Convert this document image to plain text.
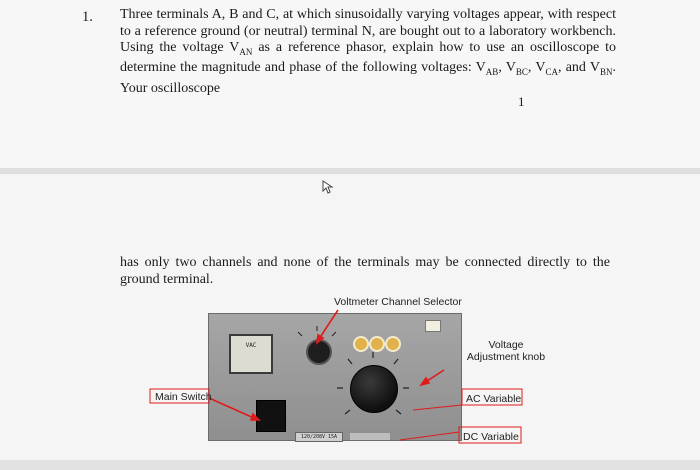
1. Three terminals A, B and C, at which sinusoidally varying voltages appear, with respect to a reference ground (or neutral) terminal N, are bought out to a laboratory workbench. Using the voltage $V_{AN}$ as a reference phasor, explain how to use an oscilloscope to determine the magnitude and phase of the following voltages: $V_{AB}$, $V_{BC}$, $V_{CA}$, and $V_{BN}$. Your oscilloscope
1
has only two channels and none of the terminals may be connected directly to the ground terminal.
VAC
120/208V 15A
Voltmeter Channel Selector
Voltage
Adjustment knob
Main Switch	AC Variable
DC Variable
